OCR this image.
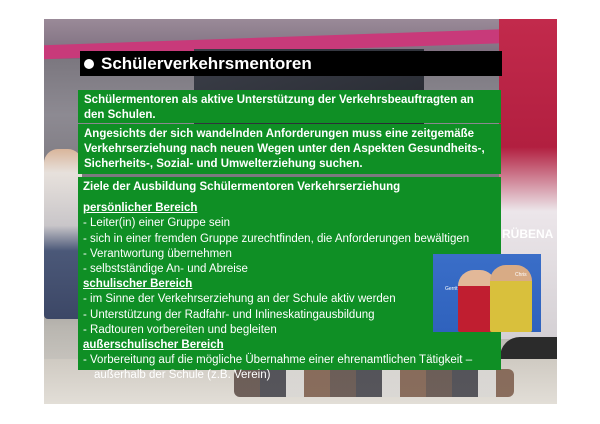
RÜBENA
Schülerverkehrsmentoren
Schülermentoren als aktive Unterstützung der Verkehrsbeauftragten an den Schulen.
Angesichts der sich wandelnden Anforderungen muss eine zeitgemäße Verkehrserziehung nach neuen Wegen unter den Aspekten Gesundheits-, Sicherheits-, Sozial- und Umwelterziehung suchen.
Ziele der Ausbildung Schülermentoren Verkehrserziehung
persönlicher Bereich
- Leiter(in) einer Gruppe sein
- sich in einer fremden Gruppe zurechtfinden, die Anforderungen bewältigen
- Verantwortung übernehmen
- selbstständige An- und Abreise
schulischer Bereich
- im Sinne der Verkehrserziehung an der Schule aktiv werden
- Unterstützung der Radfahr- und Inlineskatingausbildung
- Radtouren vorbereiten und begleiten
außerschulischer Bereich
- Vorbereitung auf die mögliche Übernahme einer ehrenamtlichen Tätigkeit –
außerhalb der Schule (z.B. Verein)
Gerrit
Chris
